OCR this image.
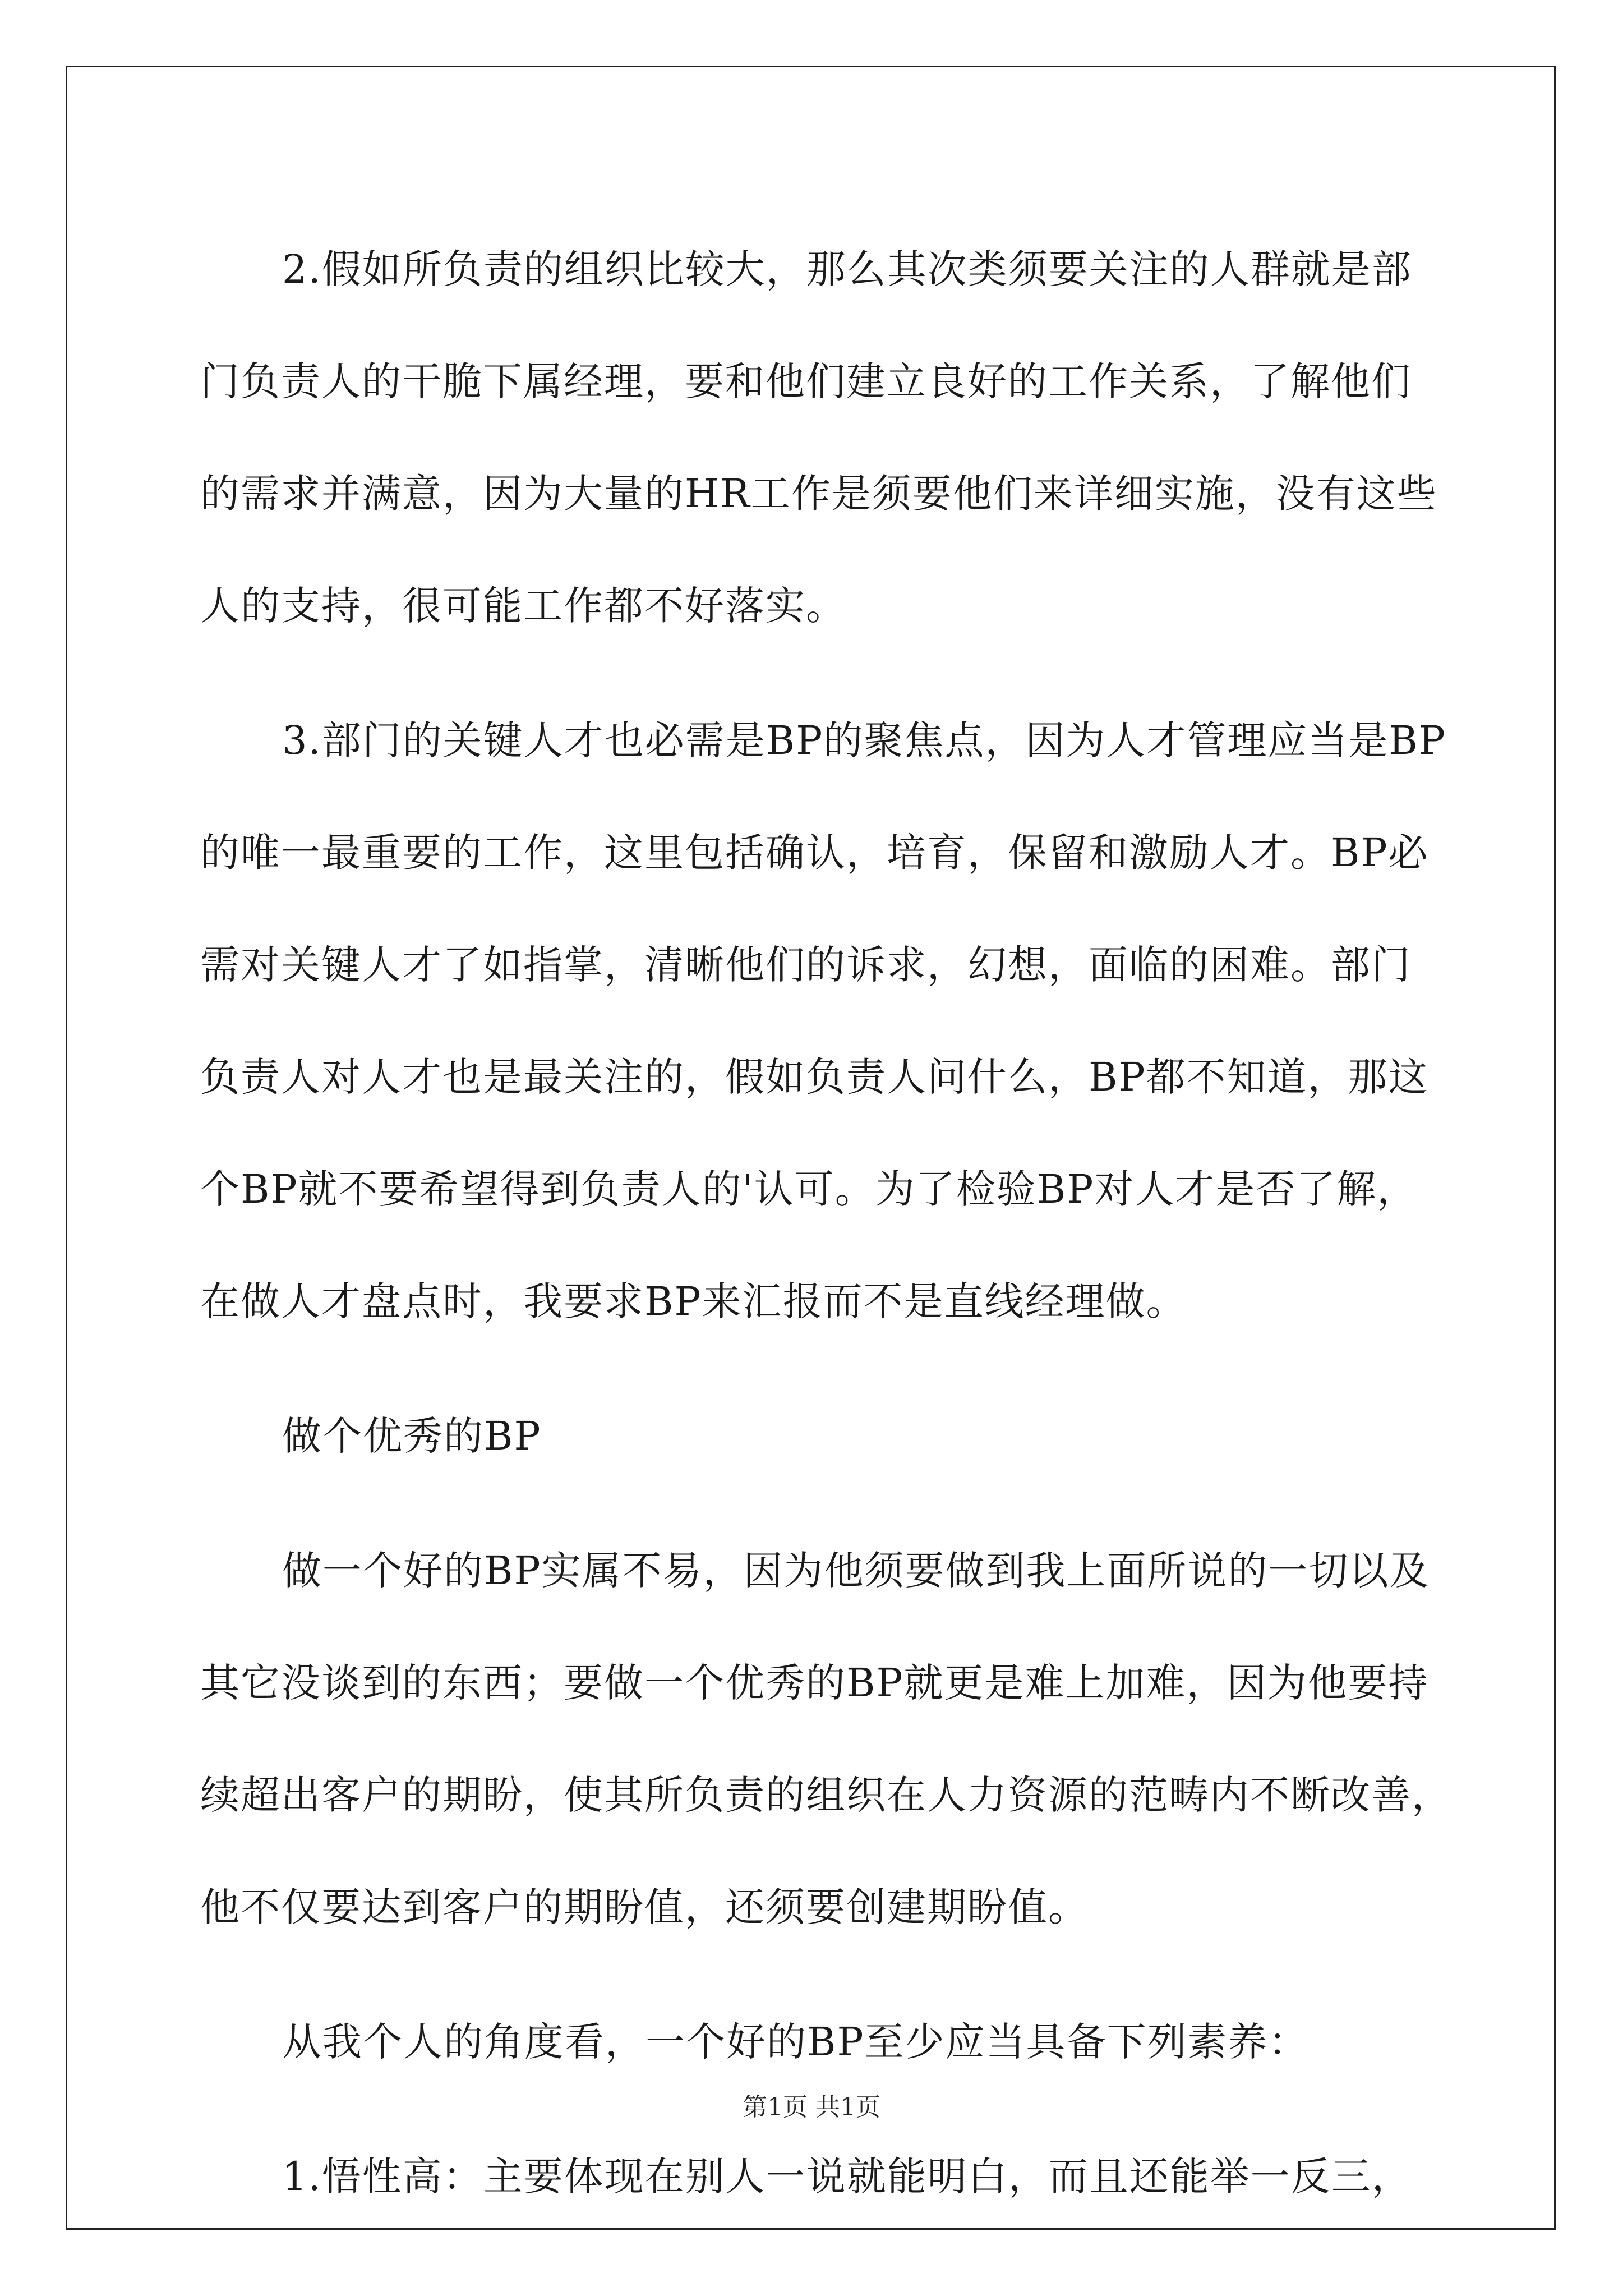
2.假如所负责的组织比较大，那么其次类须要关注的人群就是部
门负责人的干脆下属经理，要和他们建立良好的工作关系，了解他们
的需求并满意，因为大量的HR工作是须要他们来详细实施，没有这些
人的支持，很可能工作都不好落实。
3.部门的关键人才也必需是BP的聚焦点，因为人才管理应当是BP
的唯一最重要的工作，这里包括确认，培育，保留和激励人才。BP必
需对关键人才了如指掌，清晰他们的诉求，幻想，面临的困难。部门
负责人对人才也是最关注的，假如负责人问什么，BP都不知道，那这
个BP就不要希望得到负责人的'认可。为了检验BP对人才是否了解，
在做人才盘点时，我要求BP来汇报而不是直线经理做。
做个优秀的BP
做一个好的BP实属不易，因为他须要做到我上面所说的一切以及
其它没谈到的东西；要做一个优秀的BP就更是难上加难，因为他要持
续超出客户的期盼，使其所负责的组织在人力资源的范畴内不断改善，
他不仅要达到客户的期盼值，还须要创建期盼值。
从我个人的角度看，一个好的BP至少应当具备下列素养：
1.悟性高：主要体现在别人一说就能明白，而且还能举一反三，
第1页 共1页
